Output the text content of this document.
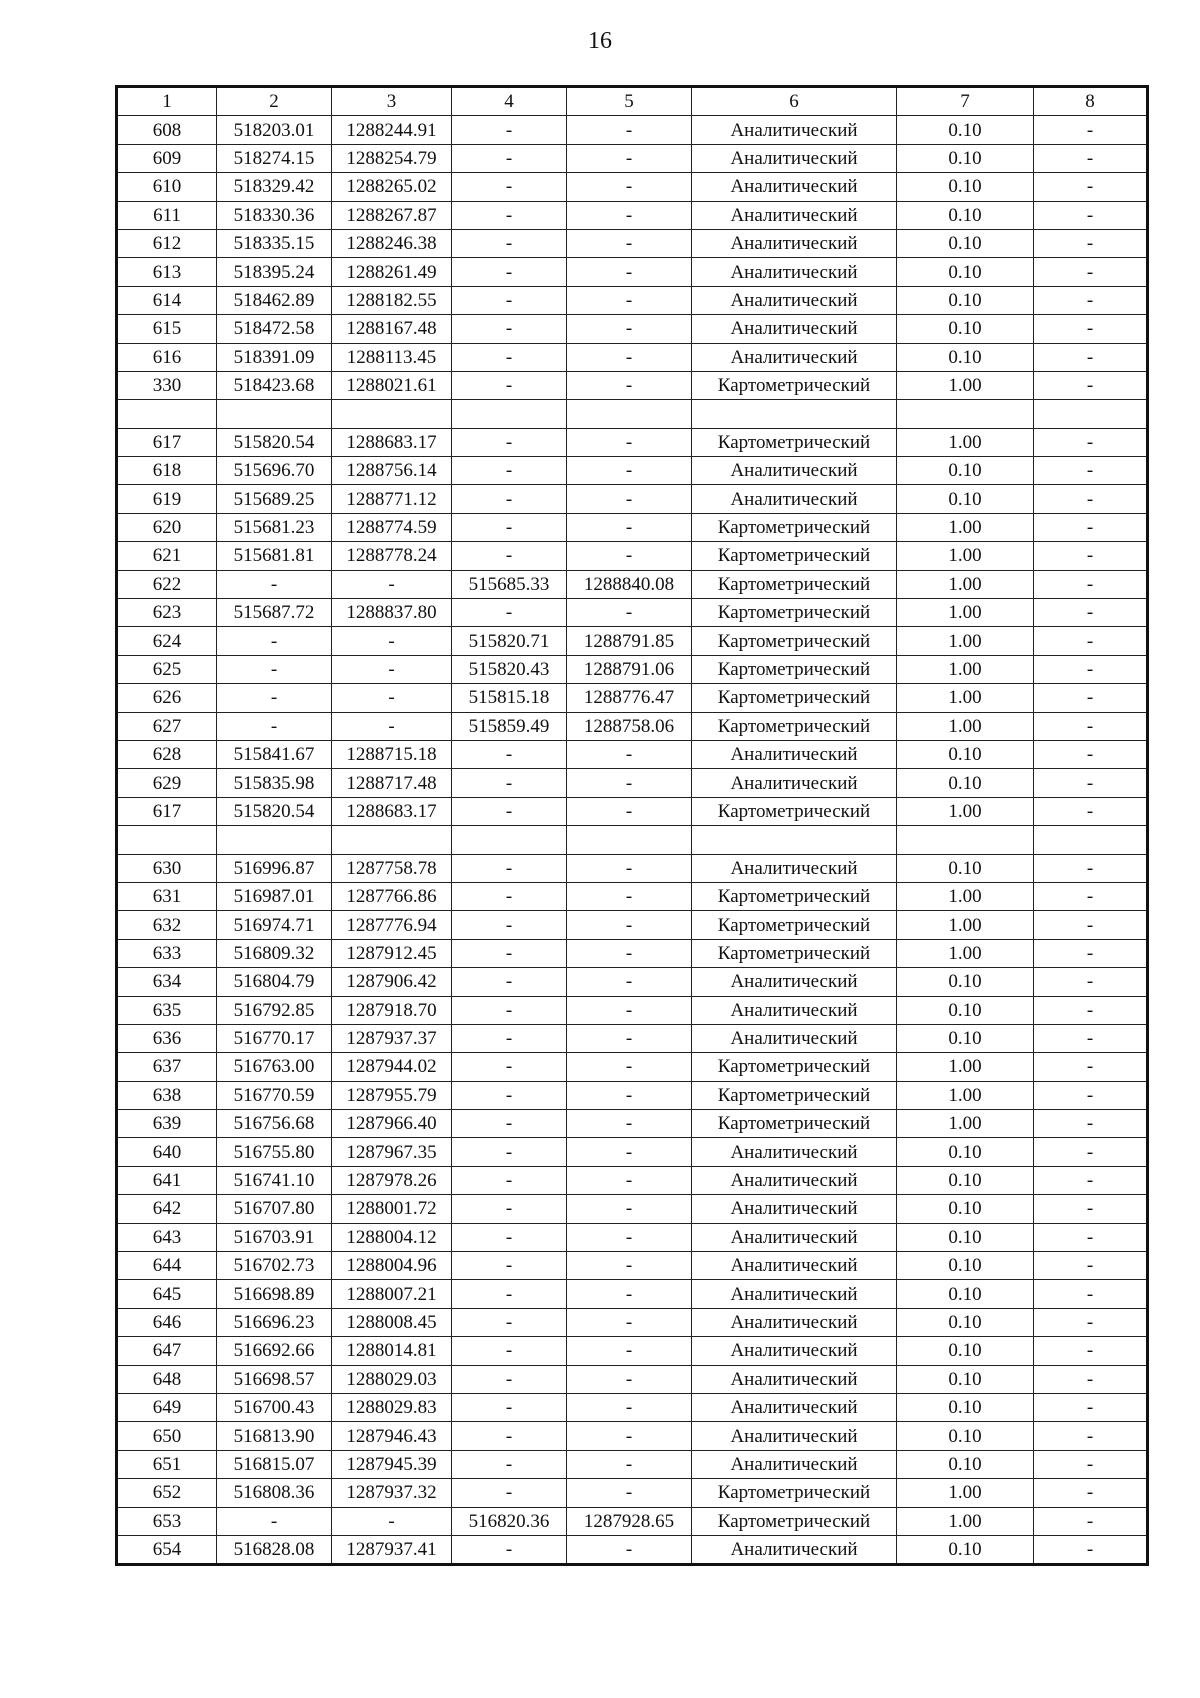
16
1	2	3	4	5	6	7	8
608	518203.01	1288244.91	-	-	Аналитический	0.10	-
609	518274.15	1288254.79	-	-	Аналитический	0.10	-
610	518329.42	1288265.02	-	-	Аналитический	0.10	-
611	518330.36	1288267.87	-	-	Аналитический	0.10	-
612	518335.15	1288246.38	-	-	Аналитический	0.10	-
613	518395.24	1288261.49	-	-	Аналитический	0.10	-
614	518462.89	1288182.55	-	-	Аналитический	0.10	-
615	518472.58	1288167.48	-	-	Аналитический	0.10	-
616	518391.09	1288113.45	-	-	Аналитический	0.10	-
330	518423.68	1288021.61	-	-	Картометрический	1.00	-

617	515820.54	1288683.17	-	-	Картометрический	1.00	-
618	515696.70	1288756.14	-	-	Аналитический	0.10	-
619	515689.25	1288771.12	-	-	Аналитический	0.10	-
620	515681.23	1288774.59	-	-	Картометрический	1.00	-
621	515681.81	1288778.24	-	-	Картометрический	1.00	-
622	-	-	515685.33	1288840.08	Картометрический	1.00	-
623	515687.72	1288837.80	-	-	Картометрический	1.00	-
624	-	-	515820.71	1288791.85	Картометрический	1.00	-
625	-	-	515820.43	1288791.06	Картометрический	1.00	-
626	-	-	515815.18	1288776.47	Картометрический	1.00	-
627	-	-	515859.49	1288758.06	Картометрический	1.00	-
628	515841.67	1288715.18	-	-	Аналитический	0.10	-
629	515835.98	1288717.48	-	-	Аналитический	0.10	-
617	515820.54	1288683.17	-	-	Картометрический	1.00	-

630	516996.87	1287758.78	-	-	Аналитический	0.10	-
631	516987.01	1287766.86	-	-	Картометрический	1.00	-
632	516974.71	1287776.94	-	-	Картометрический	1.00	-
633	516809.32	1287912.45	-	-	Картометрический	1.00	-
634	516804.79	1287906.42	-	-	Аналитический	0.10	-
635	516792.85	1287918.70	-	-	Аналитический	0.10	-
636	516770.17	1287937.37	-	-	Аналитический	0.10	-
637	516763.00	1287944.02	-	-	Картометрический	1.00	-
638	516770.59	1287955.79	-	-	Картометрический	1.00	-
639	516756.68	1287966.40	-	-	Картометрический	1.00	-
640	516755.80	1287967.35	-	-	Аналитический	0.10	-
641	516741.10	1287978.26	-	-	Аналитический	0.10	-
642	516707.80	1288001.72	-	-	Аналитический	0.10	-
643	516703.91	1288004.12	-	-	Аналитический	0.10	-
644	516702.73	1288004.96	-	-	Аналитический	0.10	-
645	516698.89	1288007.21	-	-	Аналитический	0.10	-
646	516696.23	1288008.45	-	-	Аналитический	0.10	-
647	516692.66	1288014.81	-	-	Аналитический	0.10	-
648	516698.57	1288029.03	-	-	Аналитический	0.10	-
649	516700.43	1288029.83	-	-	Аналитический	0.10	-
650	516813.90	1287946.43	-	-	Аналитический	0.10	-
651	516815.07	1287945.39	-	-	Аналитический	0.10	-
652	516808.36	1287937.32	-	-	Картометрический	1.00	-
653	-	-	516820.36	1287928.65	Картометрический	1.00	-
654	516828.08	1287937.41	-	-	Аналитический	0.10	-
